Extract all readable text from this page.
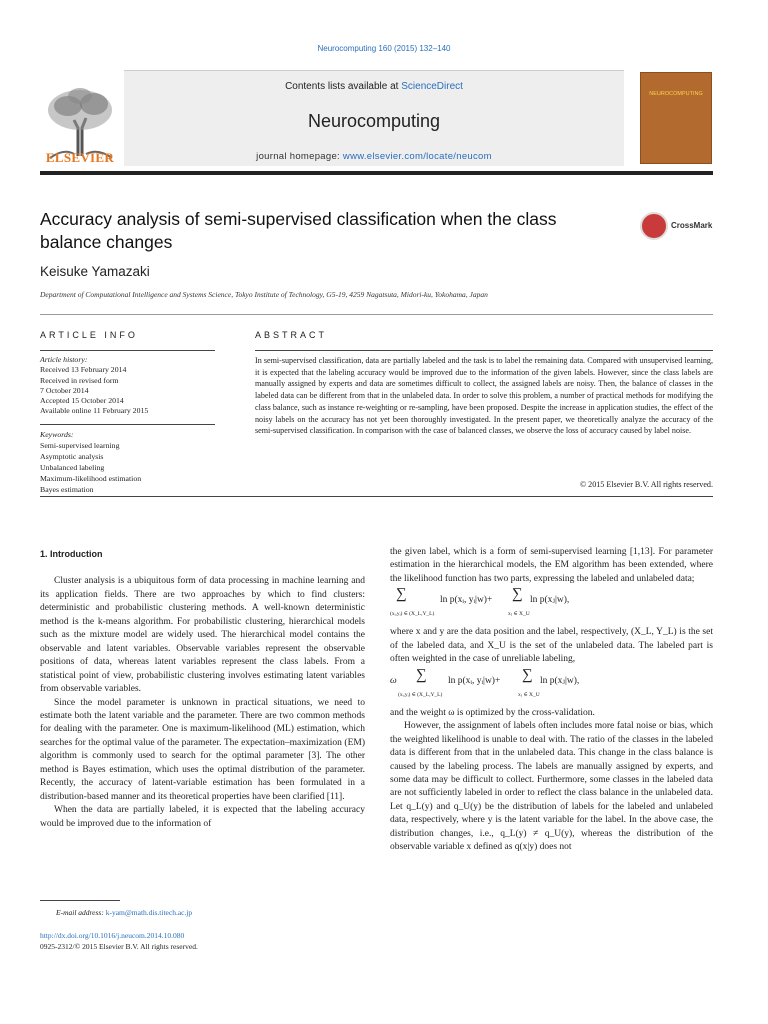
Neurocomputing 160 (2015) 132–140
ELSEVIER
Contents lists available at ScienceDirect
Neurocomputing
journal homepage: www.elsevier.com/locate/neucom
NEUROCOMPUTING
Accuracy analysis of semi-supervised classification when the class balance changes
CrossMark
Keisuke Yamazaki
Department of Computational Intelligence and Systems Science, Tokyo Institute of Technology, G5-19, 4259 Nagatsuta, Midori-ku, Yokohama, Japan
ARTICLE INFO	ABSTRACT
Article history:
Received 13 February 2014
Received in revised form
7 October 2014
Accepted 15 October 2014
Available online 11 February 2015
Keywords:
Semi-supervised learning
Asymptotic analysis
Unbalanced labeling
Maximum-likelihood estimation
Bayes estimation
In semi-supervised classification, data are partially labeled and the task is to label the remaining data. Compared with unsupervised learning, it is expected that the labeling accuracy would be improved due to the information of the given labels. However, since the class labels are manually assigned by experts and data are sometimes difficult to collect, the assigned labels are noisy. Then, the balance of classes in the labeled data can be different from that in the unlabeled data. In order to solve this problem, a number of practical methods for modifying the class balance, such as instance re-weighting or re-sampling, have been proposed. Despite the increase in application studies, the effect of the noisy labels on the accuracy has not yet been thoroughly investigated. In the present paper, we theoretically analyze the accuracy of the semi-supervised classification. In comparison with the case of balanced classes, we observe the loss of accuracy caused by label noise.
© 2015 Elsevier B.V. All rights reserved.
1. Introduction

Cluster analysis is a ubiquitous form of data processing in machine learning and its application fields. There are two approaches by which to find clusters: deterministic and probabilistic clustering methods. A well-known deterministic method is the k-means algorithm. For probabilistic clustering, hierarchical models such as the mixture model are widely used. The hierarchical model contains the observable and latent variables. Observable variables represent the observable positions of data, whereas latent variables represent the class labels. From a statistical point of view, probabilistic clustering involves estimating latent variables from observable variables.

Since the model parameter is unknown in practical situations, we need to estimate both the latent variable and the parameter. There are two common methods for dealing with the parameter. One is maximum-likelihood (ML) estimation, which searches for the optimal value of the parameter. The expectation–maximization (EM) algorithm is commonly used to search for the optimal parameter [3]. The other method is Bayes estimation, which uses the optimal distribution of the parameter. Recently, the accuracy of latent-variable estimation has been formulated in a distribution-based manner and its theoretical properties have been clarified [11].

When the data are partially labeled, it is expected that the labeling accuracy would be improved due to the information of

the given label, which is a form of semi-supervised learning [1,13]. For parameter estimation in the hierarchical models, the EM algorithm has been extended, where the likelihood function has two parts, expressing the labeled and unlabeled data;

∑
(xᵢ,yᵢ) ∈ (X_L,Y_L)
ln p(xᵢ, yᵢ|w)+ ∑
xⱼ ∈ X_U
ln p(xⱼ|w),

where x and y are the data position and the label, respectively, (X_L, Y_L) is the set of the labeled data, and X_U is the set of the unlabeled data. The labeled part is often weighted in the case of unreliable labeling,

ω ∑
(xᵢ,yᵢ) ∈ (X_L,Y_L)
ln p(xᵢ, yᵢ|w)+ ∑
xⱼ ∈ X_U
ln p(xⱼ|w),

and the weight ω is optimized by the cross-validation.

However, the assignment of labels often includes more fatal noise or bias, which the weighted likelihood is unable to deal with. The ratio of the classes in the labeled data is different from that in the unlabeled data. This change in the class balance is caused by the labeling process. The labels are manually assigned by experts, and some data may be difficult to collect. Furthermore, some classes in the labeled data are not sufficiently labeled in order to reflect the class balance in the unlabeled data. Let q_L(y) and q_U(y) be the distribution of labels for the labeled and unlabeled data, respectively, where y is the latent variable for the label. In the above case, the distribution changes, i.e., q_L(y) ≠ q_U(y), whereas the distribution of the observable variable x defined as q(x|y) does not

E-mail address: k-yam@math.dis.titech.ac.jp
http://dx.doi.org/10.1016/j.neucom.2014.10.080
0925-2312/© 2015 Elsevier B.V. All rights reserved.
